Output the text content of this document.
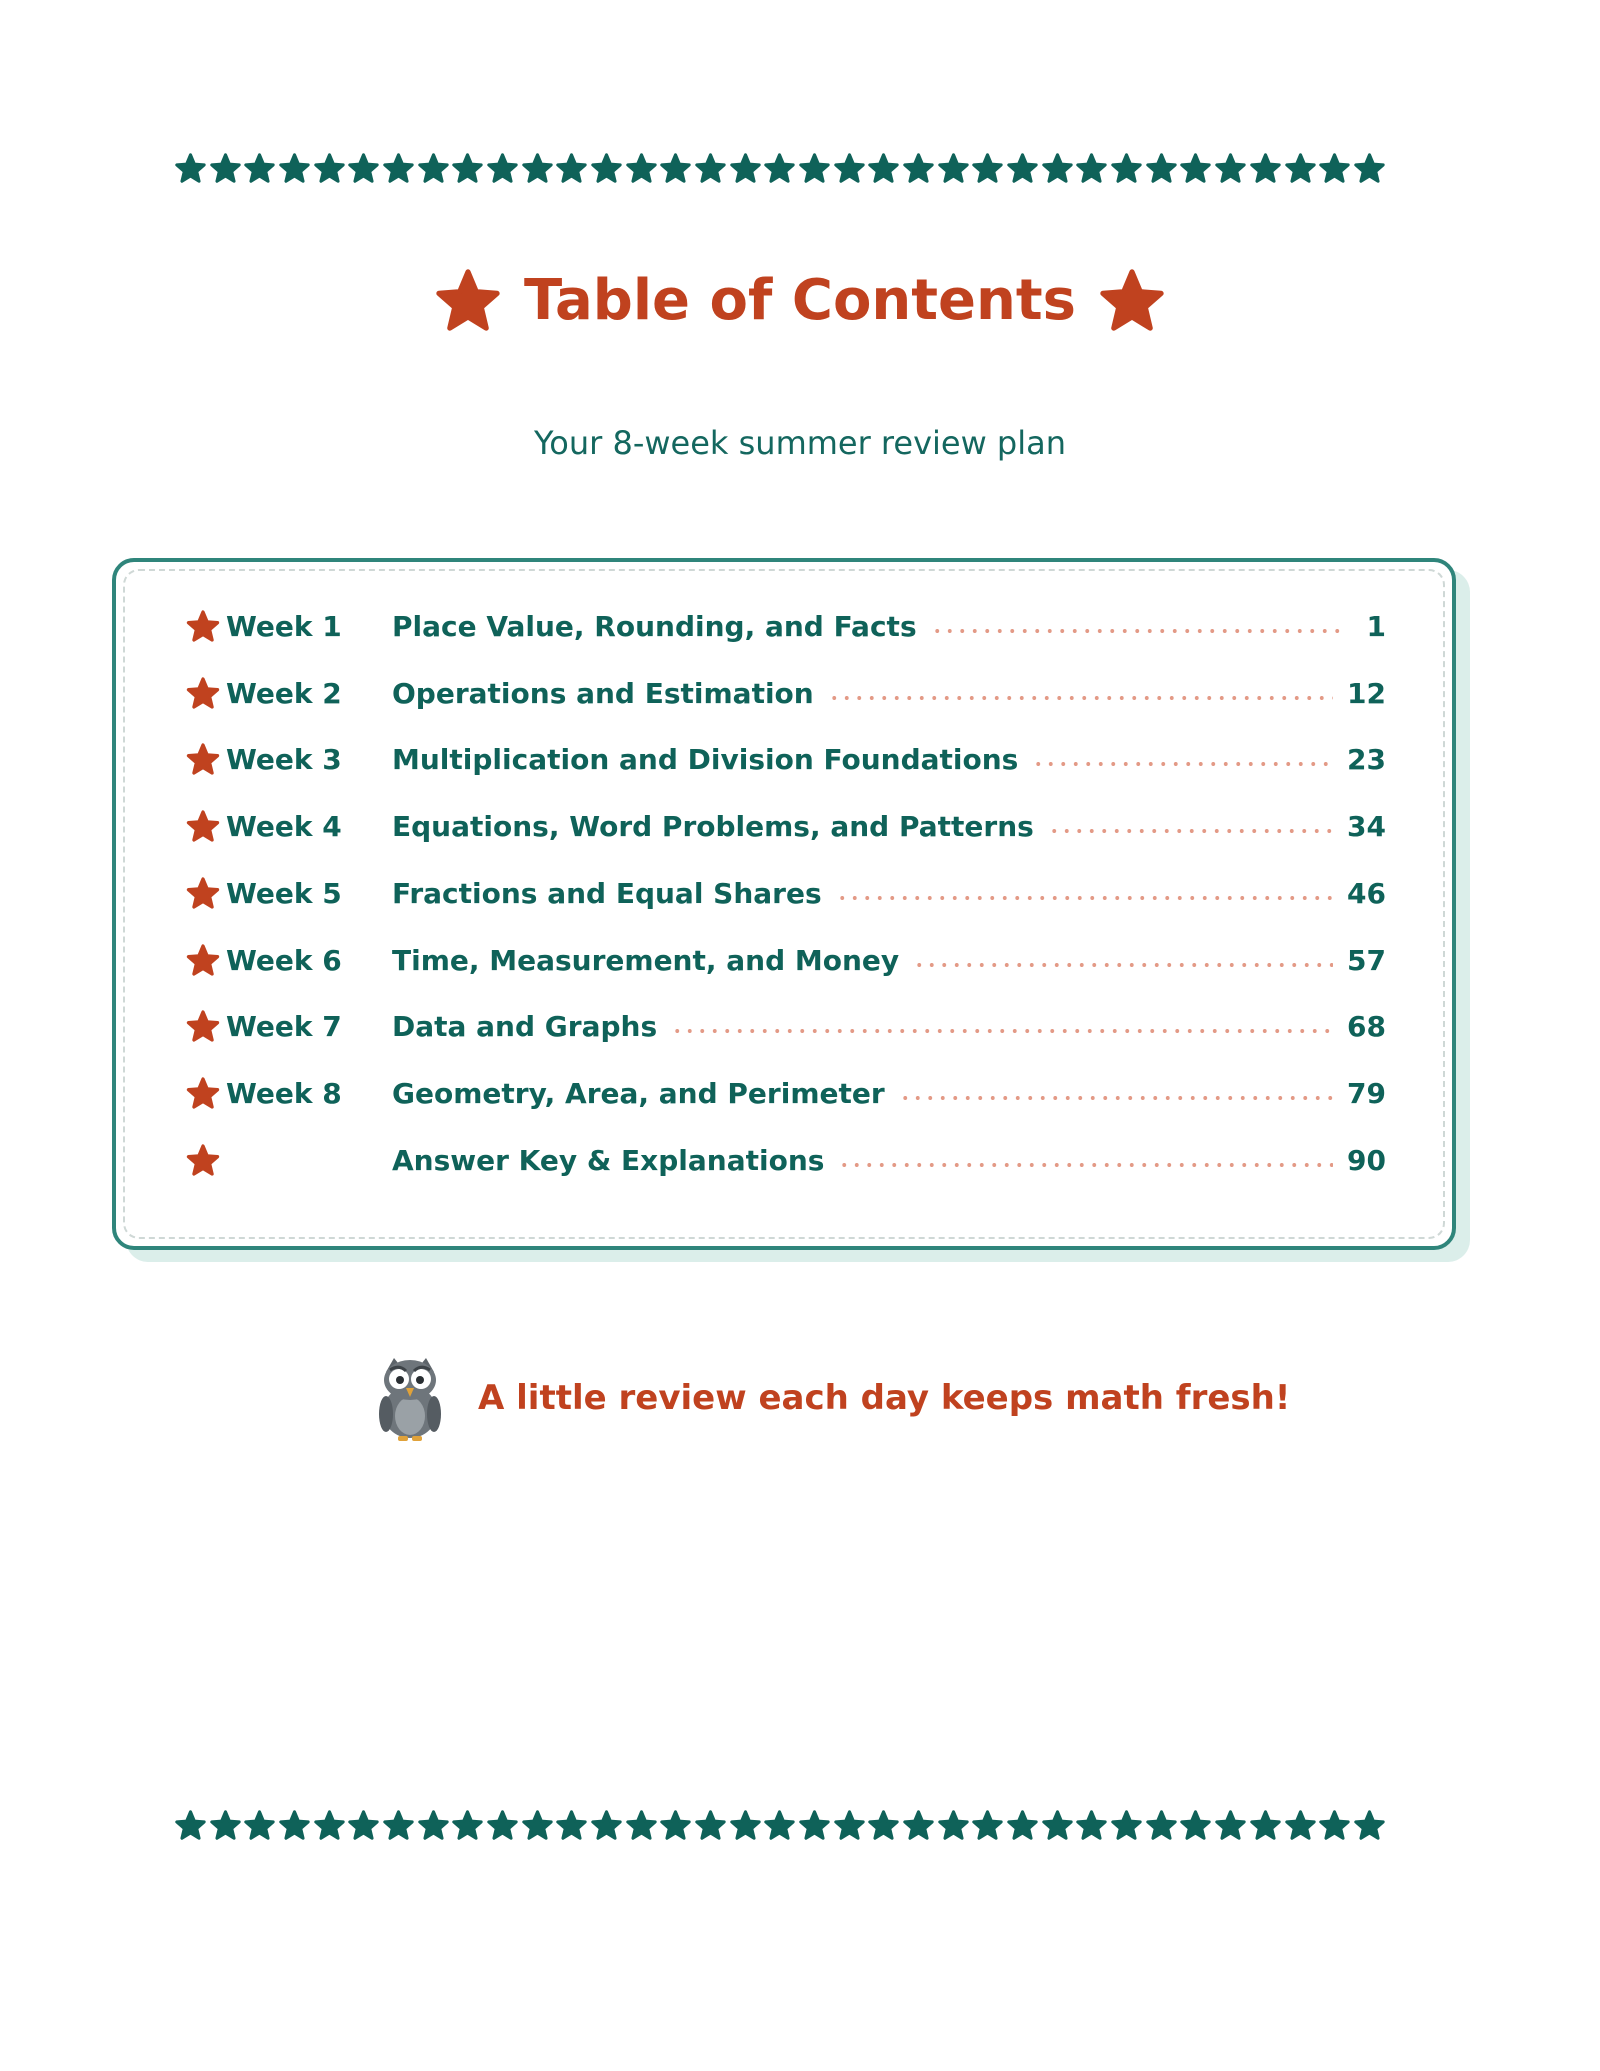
Table of Contents
Your 8-week summer review plan
Week 1	Place Value, Rounding, and Facts	1
Week 2	Operations and Estimation	12
Week 3	Multiplication and Division Foundations	23
Week 4	Equations, Word Problems, and Patterns	34
Week 5	Fractions and Equal Shares	46
Week 6	Time, Measurement, and Money	57
Week 7	Data and Graphs	68
Week 8	Geometry, Area, and Perimeter	79
Answer Key & Explanations	90
A little review each day keeps math fresh!
